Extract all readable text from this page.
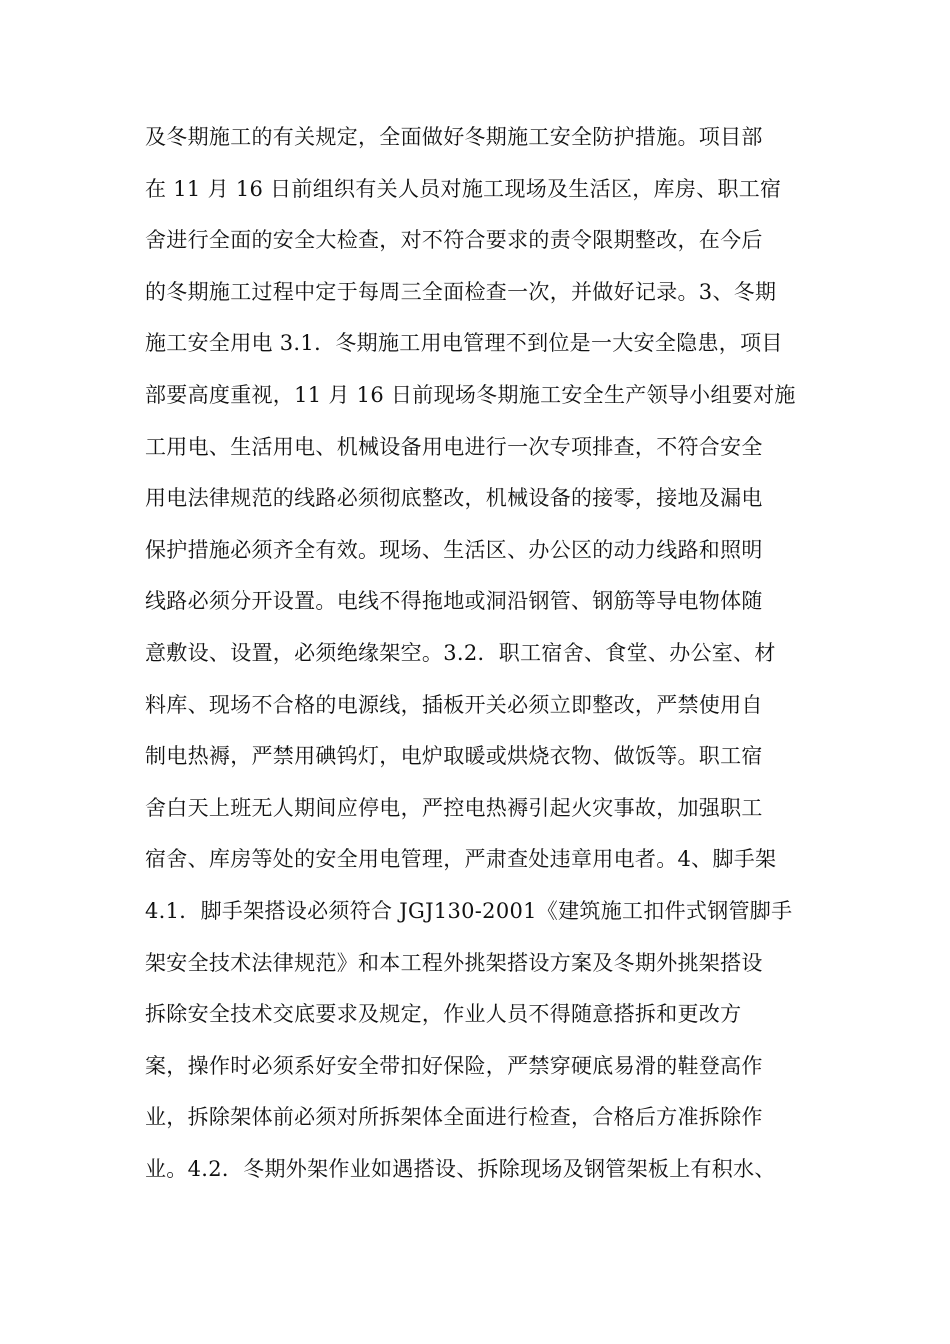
及冬期施工的有关规定，全面做好冬期施工安全防护措施。项目部
在 11 月 16 日前组织有关人员对施工现场及生活区，库房、职工宿
舍进行全面的安全大检查，对不符合要求的责令限期整改，在今后
的冬期施工过程中定于每周三全面检查一次，并做好记录。3、冬期
施工安全用电 3.1．冬期施工用电管理不到位是一大安全隐患，项目
部要高度重视，11 月 16 日前现场冬期施工安全生产领导小组要对施
工用电、生活用电、机械设备用电进行一次专项排查，不符合安全
用电法律规范的线路必须彻底整改，机械设备的接零，接地及漏电
保护措施必须齐全有效。现场、生活区、办公区的动力线路和照明
线路必须分开设置。电线不得拖地或洞沿钢管、钢筋等导电物体随
意敷设、设置，必须绝缘架空。3.2．职工宿舍、食堂、办公室、材
料库、现场不合格的电源线，插板开关必须立即整改，严禁使用自
制电热褥，严禁用碘钨灯，电炉取暖或烘烧衣物、做饭等。职工宿
舍白天上班无人期间应停电，严控电热褥引起火灾事故，加强职工
宿舍、库房等处的安全用电管理，严肃查处违章用电者。4、脚手架
4.1．脚手架搭设必须符合 JGJ130-2001《建筑施工扣件式钢管脚手
架安全技术法律规范》和本工程外挑架搭设方案及冬期外挑架搭设
拆除安全技术交底要求及规定，作业人员不得随意搭拆和更改方
案，操作时必须系好安全带扣好保险，严禁穿硬底易滑的鞋登高作
业，拆除架体前必须对所拆架体全面进行检查，合格后方准拆除作
业。4.2．冬期外架作业如遇搭设、拆除现场及钢管架板上有积水、
